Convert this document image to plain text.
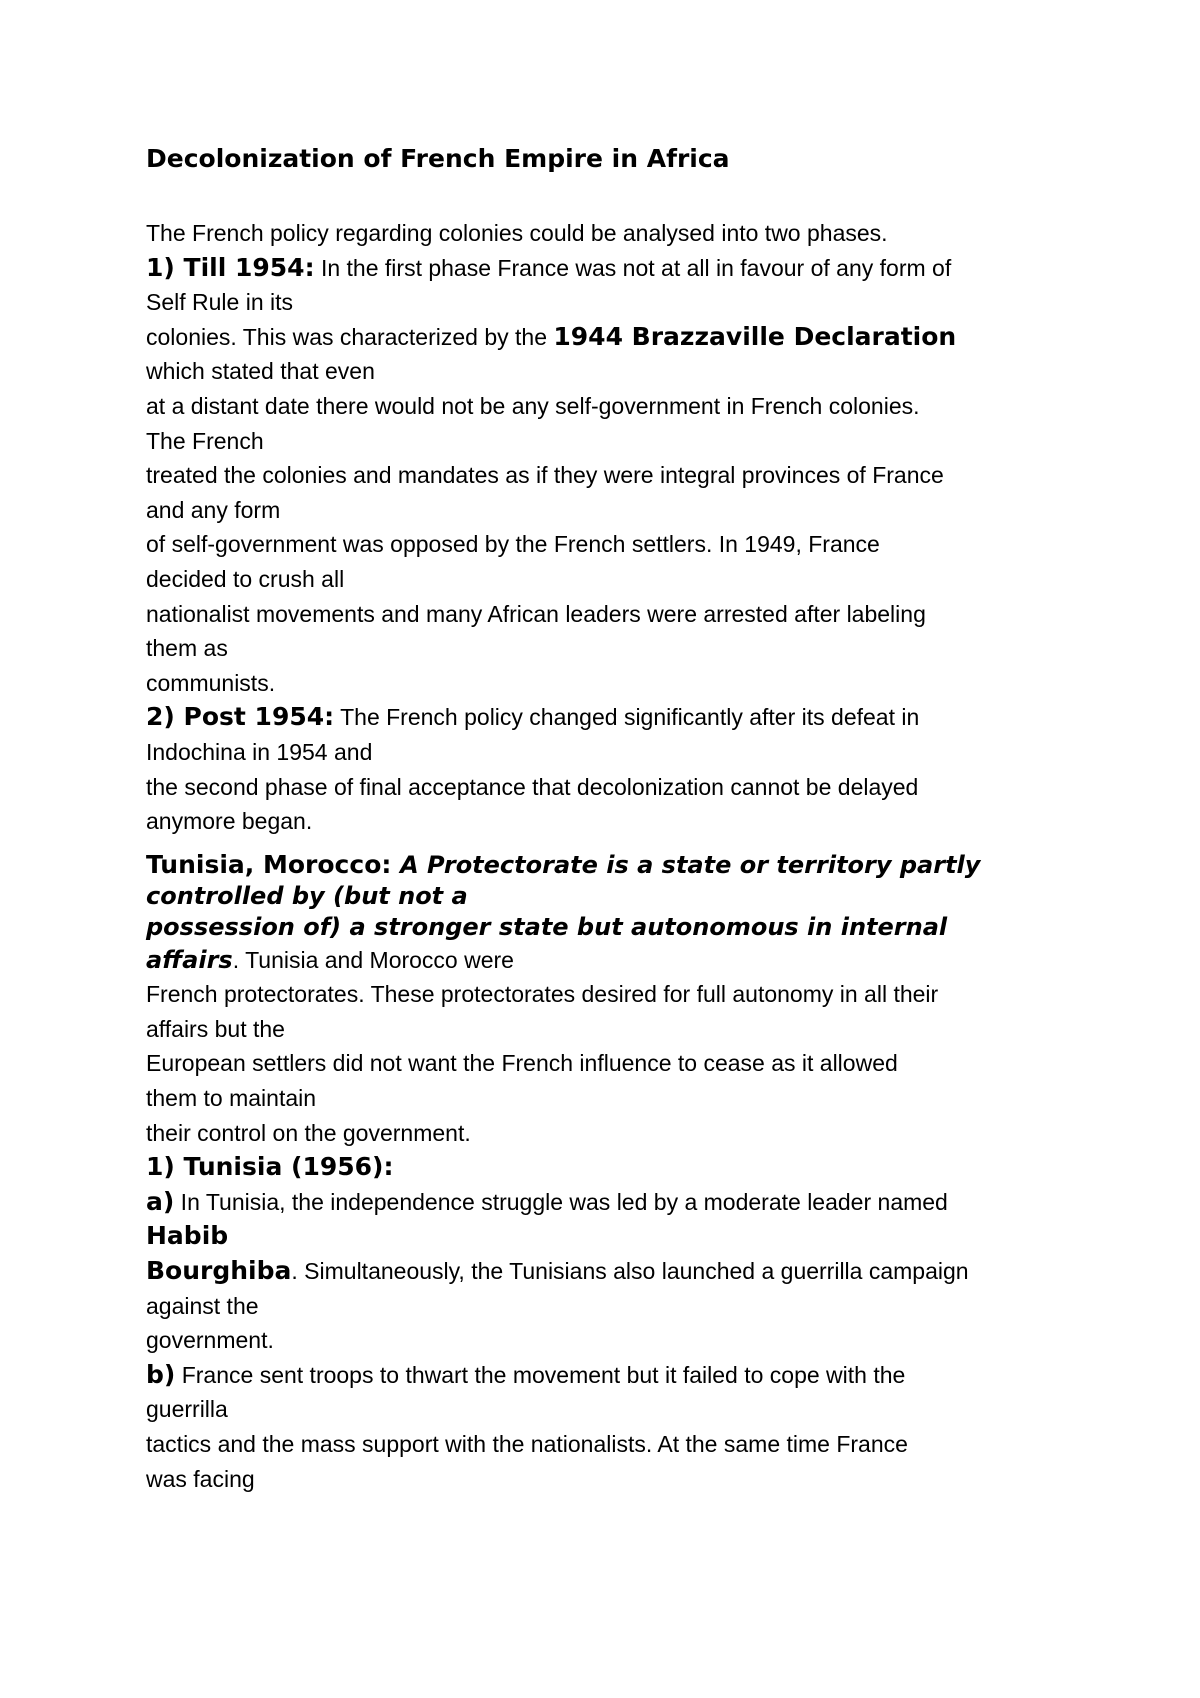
Decolonization of French Empire in Africa
The French policy regarding colonies could be analysed into two phases.
1) Till 1954: In the first phase France was not at all in favour of any form of
Self Rule in its
colonies. This was characterized by the 1944 Brazzaville Declaration
which stated that even
at a distant date there would not be any self-government in French colonies.
The French
treated the colonies and mandates as if they were integral provinces of France
and any form
of self-government was opposed by the French settlers. In 1949, France
decided to crush all
nationalist movements and many African leaders were arrested after labeling
them as
communists.
2) Post 1954: The French policy changed significantly after its defeat in
Indochina in 1954 and
the second phase of final acceptance that decolonization cannot be delayed
anymore began.
Tunisia, Morocco: A Protectorate is a state or territory partly
controlled by (but not a
possession of) a stronger state but autonomous in internal
affairs. Tunisia and Morocco were
French protectorates. These protectorates desired for full autonomy in all their
affairs but the
European settlers did not want the French influence to cease as it allowed
them to maintain
their control on the government.
1) Tunisia (1956):
a) In Tunisia, the independence struggle was led by a moderate leader named
Habib
Bourghiba. Simultaneously, the Tunisians also launched a guerrilla campaign
against the
government.
b) France sent troops to thwart the movement but it failed to cope with the
guerrilla
tactics and the mass support with the nationalists. At the same time France
was facing
